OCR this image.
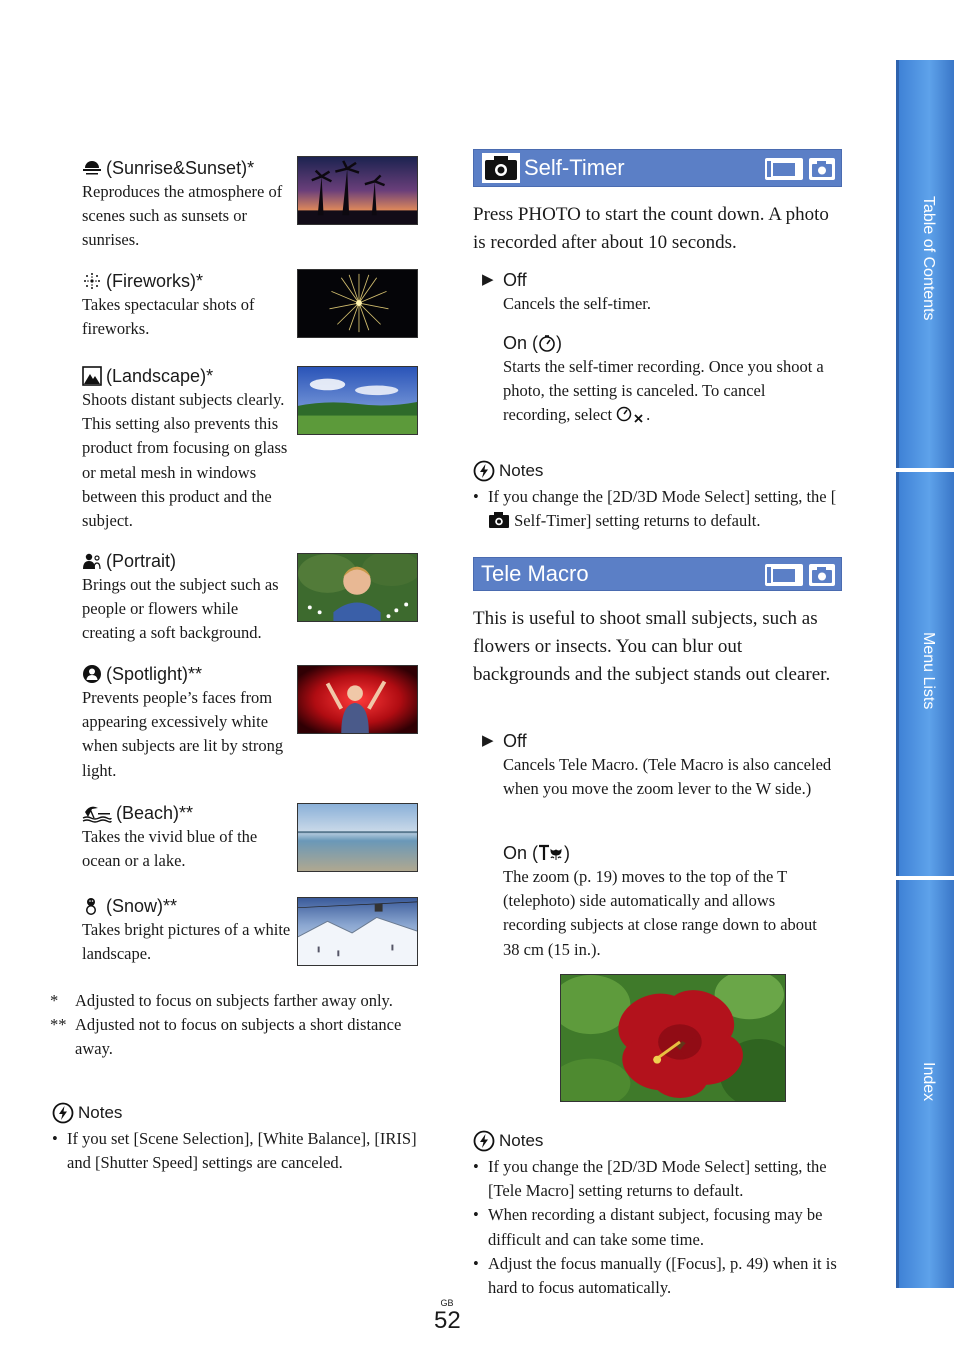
(Sunrise&Sunset)*
Reproduces the atmosphere of scenes such as sunsets or sunrises.
(Fireworks)*
Takes spectacular shots of fireworks.
(Landscape)*
Shoots distant subjects clearly. This setting also prevents this product from focusing on glass or metal mesh in windows between this product and the subject.
(Portrait)
Brings out the subject such as people or flowers while creating a soft background.
(Spotlight)**
Prevents people’s faces from appearing excessively white when subjects are lit by strong light.
(Beach)**
Takes the vivid blue of the ocean or a lake.
(Snow)**
Takes bright pictures of a white landscape.
*	Adjusted to focus on subjects farther away only.
** Adjusted not to focus on subjects a short distance away.
Notes
• If you set [Scene Selection], [White Balance], [IRIS] and [Shutter Speed] settings are canceled.
Self-Timer
Press PHOTO to start the count down. A photo is recorded after about 10 seconds.
▶ Off
Cancels the self-timer.
On ( )
Starts the self-timer recording. Once you shoot a photo, the setting is canceled. To cancel recording, select
.
Notes
• If you change the [2D/3D Mode Select] setting, the [
Self-Timer] setting returns to default.
Tele Macro
This is useful to shoot small subjects, such as flowers or insects. You can blur out backgrounds and the subject stands out clearer.
▶ Off
Cancels Tele Macro. (Tele Macro is also canceled when you move the zoom lever to the W side.)
On ( )
The zoom (p. 19) moves to the top of the T (telephoto) side automatically and allows recording subjects at close range down to about 38 cm (15 in.).
Notes
• If you change the [2D/3D Mode Select] setting, the [Tele Macro] setting returns to default.
• When recording a distant subject, focusing may be difficult and can take some time.
• Adjust the focus manually ([Focus], p. 49) when it is hard to focus automatically.
Table of Contents
Menu Lists
Index
GB
52
